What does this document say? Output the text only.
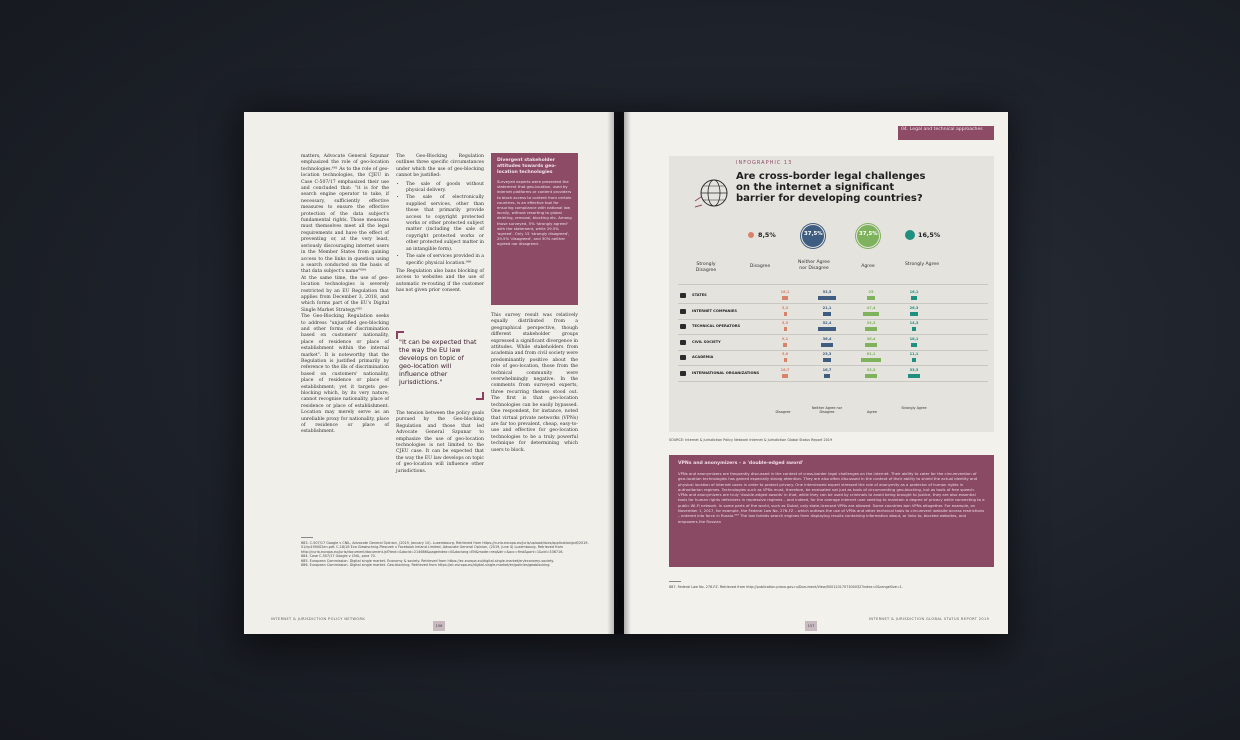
matters, Advocate General Szpunar emphasized the role of geo-location technologies.⁶⁸¹ As to the role of geo-location technologies, the CJEU in Case C-507/17 emphasized their use and concluded that: "it is for the search engine operator to take, if necessary, sufficiently effective measures to ensure the effective protection of the data subject's fundamental rights. Those measures must themselves meet all the legal requirements and have the effect of preventing or, at the very least, seriously discouraging internet users in the Member States from gaining access to the links in question using a search conducted on the basis of that data subject's name"⁶⁸⁴

At the same time, the use of geo-location technologies is severely restricted by an EU Regulation that applies from December 3, 2018, and which forms part of the EU's Digital Single Market Strategy.⁶⁸⁵

The Geo-Blocking Regulation seeks to address "unjustified geo-blocking and other forms of discrimination based on customers' nationality, place of residence or place of establishment within the internal market". It is noteworthy that the Regulation is justified primarily by reference to the ills of discrimination based on customers' nationality, place of residence or place of establishment; yet it targets geo-blocking which, by its very nature, cannot recognise nationality, place of residence or place of establishment. Location may merely serve as an unreliable proxy for nationality, place of residence or place of establishment.

The Geo-Blocking Regulation outlines three specific circumstances under which the use of geo-blocking cannot be justified:

• The sale of goods without physical delivery.
• The sale of electronically supplied services, other than those that primarily provide access to copyright protected works or other protected subject matter (including the sale of copyright protected works or other protected subject matter in an intangible form).
• The sale of services provided in a specific physical location.⁶⁸⁶

The Regulation also bans blocking of access to websites and the use of automatic re-routing if the customer has not given prior consent.

"It can be expected that the way the EU law develops on topic of geo-location will influence other jurisdictions."

The tension between the policy goals pursued by the Geo-blocking Regulation and those that led Advocate General Szpunar to emphasize the use of geo-location technologies is not limited to the CJEU case. It can be expected that the way the EU law develops on topic of geo-location will influence other jurisdictions.

Divergent stakeholder attitudes towards geo-location technologies
Surveyed experts were presented the statement that geo-location, used by internet platforms or content providers to block access to content from certain countries, is an effective tool for ensuring compliance with national law locally, without resorting to global deleting, removal, blocking etc. Among those surveyed, 5% 'strongly agreed' with the statement, while 29.5% 'agreed'. Only 15 'strongly disagreed', 29.5% 'disagreed', and 30% neither agreed nor disagreed.

This survey result was relatively equally distributed from a geographical perspective, though different stakeholder groups expressed a significant divergence in attitudes. While stakeholders from academia and from civil society were predominantly positive about the role of geo-location, those from the technical community were overwhelmingly negative. In the comments from surveyed experts, three recurring themes stood out. The first is that geo-location technologies can be easily bypassed. One respondent, for instance, noted that virtual private networks (VPNs) are far too prevalent, cheap, easy-to-use and effective for geo-location technologies to be a truly powerful technique for determining which users to block.

683. C-507/17 Google v CNIL, Advocate General Opinion, (2019, January 10). Luxembourg. Retrieved from https://curia.europa.eu/juris/upload/docs/application/pdf/2019-01/cp190002en.pdf. C-18/18 Eva Glawischnig-Piesczek v Facebook Ireland Limited, Advocate General Opinion, (2019, June 4) Luxembourg. Retrieved from http://curia.europa.eu/juris/document/document.jsf?text=&docid=214686&pageIndex=0&doclang=EN&mode=req&dir=&occ=first&part=1&cid=336716.
684. Case C-507/17 Google v CNIL, para 70.
685. European Commission. Digital single market. Economy & society. Retrieved from https://ec.europa.eu/digital-single-market/en/economy-society.
686. European Commission. Digital single market. Geo-blocking. Retrieved from https://ec.europa.eu/digital-single-market/en/policies/geoblocking.
INTERNET & JURISDICTION POLICY NETWORK
156
04. Legal and technical approaches
INFOGRAPHIC 13
Are cross-border legal challenges on the internet a significant barrier for developing countries?
8,5%	37,5%	37,5%	16,5%
Strongly Disagree
Disagree
Neither Agree nor Disagree	Agree	Strongly Agree
STATES
16,1	53,5	25	16,1
INTERNET COMPANIES
5,3	21,1	47,4	26,3
TECHNICAL OPERATORS
5,5	52,4	33,3	14,3
CIVIL SOCIETY
9,1	36,4	36,4	18,1
ACADEMIA
5,6	23,3	61,1	11,1
INTERNATIONAL ORGANIZATIONS
16,7	16,7	33,3	33,3
Disagree
Neither Agree nor Disagree	Agree
Strongly Agree
SOURCE: Internet & Jurisdiction Policy Network Internet & Jurisdiction Global Status Report 2019
VPNs and anonymizers – a 'double-edged sword'
VPNs and anonymizers are frequently discussed in the context of cross-border legal challenges on the internet. Their ability to cater for the circumvention of geo-location technologies has gained especially strong attention. They are also often discussed in the context of their ability to shield the actual identity and physical location of internet users in order to protect privacy. One interviewed expert stressed the role of anonymity as a protector of human rights in authoritarian regimes. Technologies such as VPNs must, therefore, be evaluated not just as tools of circumventing geo-blocking, but as tools of free speech. VPNs and anonymizers are truly 'double-edged swords' in that, while they can be used by criminals to avoid being brought to justice, they are also essential tools for human rights defenders in repressive regimes – and indeed, for the average internet user seeking to maintain a degree of privacy while connecting to a public Wi-Fi network. In some parts of the world, such as Dubai, only state-licensed VPNs are allowed. Some countries ban VPNs altogether. For example, on November 1, 2017, for example, the Federal Law No. 276-FZ – which outlaws the use of VPNs and other technical tools to circumvent website access restrictions – entered into force in Russia.⁶⁸⁷ The law forbids search engines from displaying results containing information about, or links to, blocked websites, and empowers the Russian
687. Federal Law No. 276-FZ. Retrieved from http://publication.pravo.gov.ru/Document/View/0001201707300032?index=0&rangeSize=1.
157
INTERNET & JURISDICTION GLOBAL STATUS REPORT 2019
